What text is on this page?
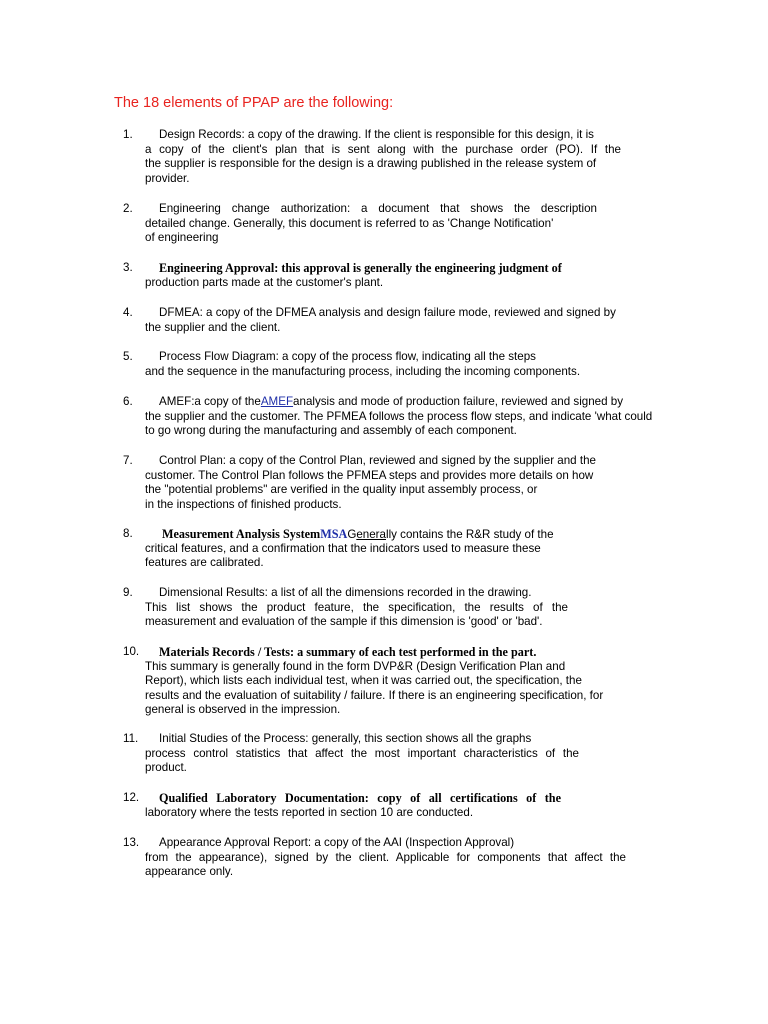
The 18 elements of PPAP are the following:
1. Design Records: a copy of the drawing. If the client is responsible for this design, it is
a copy of the client's plan that is sent along with the purchase order (PO). If the
the supplier is responsible for the design is a drawing published in the release system of
provider.
2. Engineering change authorization: a document that shows the description
detailed change. Generally, this document is referred to as 'Change Notification'
of engineering
3. Engineering Approval: this approval is generally the engineering judgment of
production parts made at the customer's plant.
4. DFMEA: a copy of the DFMEA analysis and design failure mode, reviewed and signed by
the supplier and the client.
5. Process Flow Diagram: a copy of the process flow, indicating all the steps
and the sequence in the manufacturing process, including the incoming components.
6. AMEF:a copy of theAMEFanalysis and mode of production failure, reviewed and signed by
the supplier and the customer. The PFMEA follows the process flow steps, and indicate 'what could
to go wrong during the manufacturing and assembly of each component.
7. Control Plan: a copy of the Control Plan, reviewed and signed by the supplier and the
customer. The Control Plan follows the PFMEA steps and provides more details on how
the "potential problems" are verified in the quality input assembly process, or
in the inspections of finished products.
8. Measurement Analysis SystemMSAGenerally contains the R&R study of the
critical features, and a confirmation that the indicators used to measure these
features are calibrated.
9. Dimensional Results: a list of all the dimensions recorded in the drawing.
This list shows the product feature, the specification, the results of the
measurement and evaluation of the sample if this dimension is 'good' or 'bad'.
10. Materials Records / Tests: a summary of each test performed in the part.
This summary is generally found in the form DVP&R (Design Verification Plan and
Report), which lists each individual test, when it was carried out, the specification, the
results and the evaluation of suitability / failure. If there is an engineering specification, for
general is observed in the impression.
11. Initial Studies of the Process: generally, this section shows all the graphs
process control statistics that affect the most important characteristics of the
product.
12. Qualified Laboratory Documentation: copy of all certifications of the
laboratory where the tests reported in section 10 are conducted.
13. Appearance Approval Report: a copy of the AAI (Inspection Approval)
from the appearance), signed by the client. Applicable for components that affect the
appearance only.
